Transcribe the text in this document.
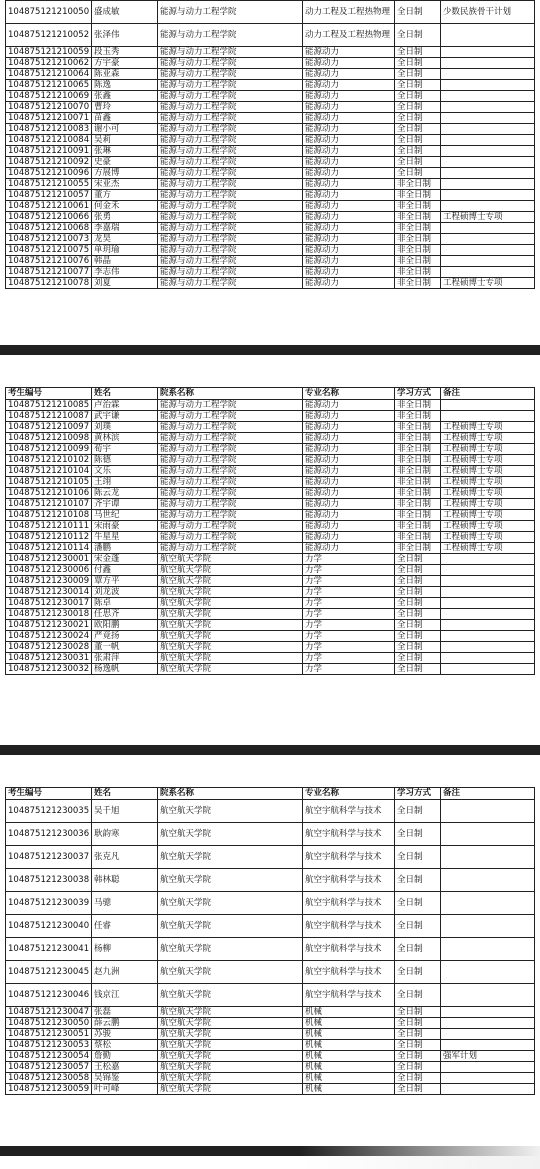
104875121210050	盛成敏	能源与动力工程学院	动力工程及工程热物理	全日制	少数民族骨干计划
104875121210052	张泽伟	能源与动力工程学院	动力工程及工程热物理	全日制	
104875121210059	段玉秀	能源与动力工程学院	能源动力	全日制	
104875121210062	方宇豪	能源与动力工程学院	能源动力	全日制	
104875121210064	陈亚森	能源与动力工程学院	能源动力	全日制	
104875121210065	陈逸	能源与动力工程学院	能源动力	全日制	
104875121210069	张鑫	能源与动力工程学院	能源动力	全日制	
104875121210070	曹玲	能源与动力工程学院	能源动力	全日制	
104875121210071	苗鑫	能源与动力工程学院	能源动力	全日制	
104875121210083	谢小可	能源与动力工程学院	能源动力	全日制	
104875121210084	吴莉	能源与动力工程学院	能源动力	全日制	
104875121210091	张琳	能源与动力工程学院	能源动力	全日制	
104875121210092	史豪	能源与动力工程学院	能源动力	全日制	
104875121210096	方展博	能源与动力工程学院	能源动力	全日制	
104875121210055	宋亚杰	能源与动力工程学院	能源动力	非全日制	
104875121210057	董方	能源与动力工程学院	能源动力	非全日制	
104875121210061	何金禾	能源与动力工程学院	能源动力	非全日制	
104875121210066	张勇	能源与动力工程学院	能源动力	非全日制	工程硕博士专项
104875121210068	李嘉瑞	能源与动力工程学院	能源动力	非全日制	
104875121210073	龙昊	能源与动力工程学院	能源动力	非全日制	
104875121210075	单玥瑜	能源与动力工程学院	能源动力	非全日制	
104875121210076	韩晶	能源与动力工程学院	能源动力	非全日制	
104875121210077	李志伟	能源与动力工程学院	能源动力	非全日制	
104875121210078	刘夏	能源与动力工程学院	能源动力	非全日制	工程硕博士专项
考生编号	姓名	院系名称	专业名称	学习方式	备注
104875121210085	卢治霖	能源与动力工程学院	能源动力	非全日制	
104875121210087	武宇谦	能源与动力工程学院	能源动力	非全日制	
104875121210097	刘璞	能源与动力工程学院	能源动力	非全日制	工程硕博士专项
104875121210098	黄林滨	能源与动力工程学院	能源动力	非全日制	工程硕博士专项
104875121210099	荀宇	能源与动力工程学院	能源动力	非全日制	工程硕博士专项
104875121210102	陈德	能源与动力工程学院	能源动力	非全日制	工程硕博士专项
104875121210104	文乐	能源与动力工程学院	能源动力	非全日制	工程硕博士专项
104875121210105	王翊	能源与动力工程学院	能源动力	非全日制	工程硕博士专项
104875121210106	陈云龙	能源与动力工程学院	能源动力	非全日制	工程硕博士专项
104875121210107	齐宇谭	能源与动力工程学院	能源动力	非全日制	工程硕博士专项
104875121210108	马世纪	能源与动力工程学院	能源动力	非全日制	工程硕博士专项
104875121210111	宋雨豪	能源与动力工程学院	能源动力	非全日制	工程硕博士专项
104875121210112	牛星星	能源与动力工程学院	能源动力	非全日制	工程硕博士专项
104875121210114	潘鹏	能源与动力工程学院	能源动力	非全日制	工程硕博士专项
104875121230001	宋金蓬	航空航天学院	力学	全日制	
104875121230006	付鑫	航空航天学院	力学	全日制	
104875121230009	覃方平	航空航天学院	力学	全日制	
104875121230014	刘龙波	航空航天学院	力学	全日制	
104875121230017	陈卓	航空航天学院	力学	全日制	
104875121230018	任思齐	航空航天学院	力学	全日制	
104875121230021	欧阳鹏	航空航天学院	力学	全日制	
104875121230024	严竟扬	航空航天学院	力学	全日制	
104875121230028	董一帆	航空航天学院	力学	全日制	
104875121230031	张肃萍	航空航天学院	力学	全日制	
104875121230032	杨逸帆	航空航天学院	力学	全日制	
考生编号	姓名	院系名称	专业名称	学习方式	备注
104875121230035	吴千旭	航空航天学院	航空宇航科学与技术	全日制	
104875121230036	耿韵寒	航空航天学院	航空宇航科学与技术	全日制	
104875121230037	张克凡	航空航天学院	航空宇航科学与技术	全日制	
104875121230038	韩林聪	航空航天学院	航空宇航科学与技术	全日制	
104875121230039	马骢	航空航天学院	航空宇航科学与技术	全日制	
104875121230040	任睿	航空航天学院	航空宇航科学与技术	全日制	
104875121230041	杨柳	航空航天学院	航空宇航科学与技术	全日制	
104875121230045	赵九洲	航空航天学院	航空宇航科学与技术	全日制	
104875121230046	钱京江	航空航天学院	航空宇航科学与技术	全日制	
104875121230047	张磊	航空航天学院	机械	全日制	
104875121230050	薛云鹏	航空航天学院	机械	全日制	
104875121230051	苏骏	航空航天学院	机械	全日制	
104875121230053	蔡松	航空航天学院	机械	全日制	
104875121230054	詹勤	航空航天学院	机械	全日制	强军计划
104875121230057	王松嘉	航空航天学院	机械	全日制	
104875121230058	吴锦鉴	航空航天学院	机械	全日制	
104875121230059	叶可峰	航空航天学院	机械	全日制	
